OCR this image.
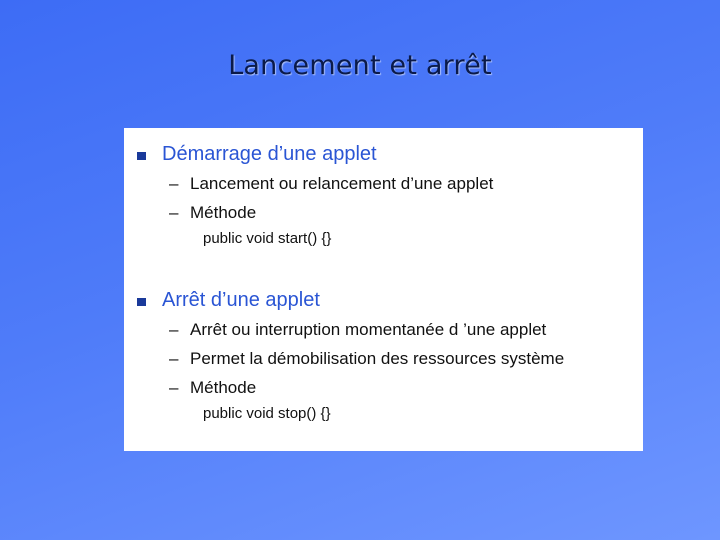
Lancement et arrêt
Démarrage d’une applet
– Lancement ou relancement d’une applet
– Méthode
public void start() {}
Arrêt d’une applet
– Arrêt ou interruption momentanée d ’une applet
– Permet la démobilisation des ressources système
– Méthode
public void stop() {}
